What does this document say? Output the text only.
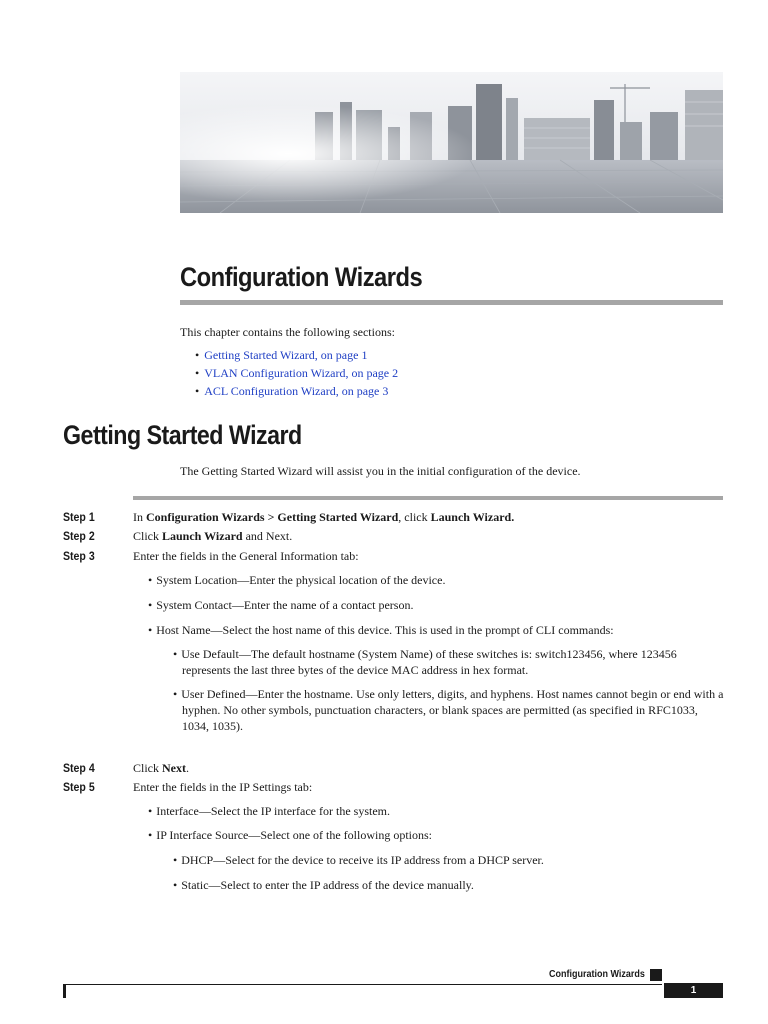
Configuration Wizards
This chapter contains the following sections:
• Getting Started Wizard, on page 1
• VLAN Configuration Wizard, on page 2
• ACL Configuration Wizard, on page 3
Getting Started Wizard
The Getting Started Wizard will assist you in the initial configuration of the device.
Step 1	In Configuration Wizards > Getting Started Wizard, click Launch Wizard.
Step 2	Click Launch Wizard and Next.
Step 3	Enter the fields in the General Information tab:
• System Location—Enter the physical location of the device.
• System Contact—Enter the name of a contact person.
• Host Name—Select the host name of this device. This is used in the prompt of CLI commands:
• Use Default—The default hostname (System Name) of these switches is: switch123456, where 123456 represents the last three bytes of the device MAC address in hex format.
• User Defined—Enter the hostname. Use only letters, digits, and hyphens. Host names cannot begin or end with a hyphen. No other symbols, punctuation characters, or blank spaces are permitted (as specified in RFC1033, 1034, 1035).
Step 4	Click Next.
Step 5	Enter the fields in the IP Settings tab:
• Interface—Select the IP interface for the system.
• IP Interface Source—Select one of the following options:
• DHCP—Select for the device to receive its IP address from a DHCP server.
• Static—Select to enter the IP address of the device manually.
Configuration Wizards
1
